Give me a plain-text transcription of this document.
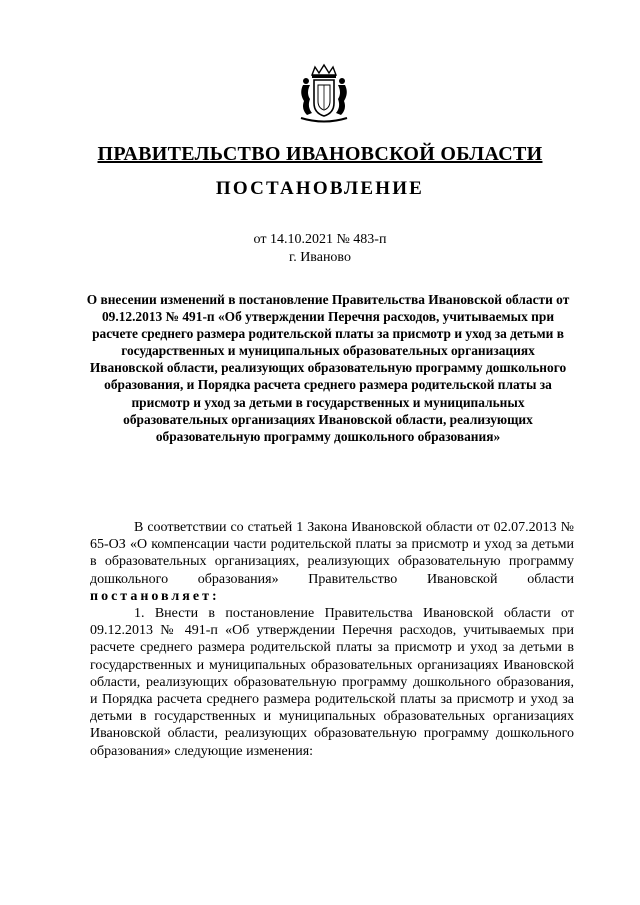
ПРАВИТЕЛЬСТВО ИВАНОВСКОЙ ОБЛАСТИ
ПОСТАНОВЛЕНИЕ
от 14.10.2021 № 483-п
г. Иваново
О внесении изменений в постановление Правительства Ивановской области от 09.12.2013 № 491-п «Об утверждении Перечня расходов, учитываемых при расчете среднего размера родительской платы за присмотр и уход за детьми в государственных и муниципальных образовательных организациях Ивановской области, реализующих образовательную программу дошкольного образования, и Порядка расчета среднего размера родительской платы за присмотр и уход за детьми в государственных и муниципальных образовательных организациях Ивановской области, реализующих образовательную программу дошкольного образования»

В соответствии со статьей 1 Закона Ивановской области от 02.07.2013 № 65-ОЗ «О компенсации части родительской платы за присмотр и уход за детьми в образовательных организациях, реализующих образовательную программу дошкольного образования» Правительство Ивановской области постановляет:

1. Внести в постановление Правительства Ивановской области от 09.12.2013 № 491-п «Об утверждении Перечня расходов, учитываемых при расчете среднего размера родительской платы за присмотр и уход за детьми в государственных и муниципальных образовательных организациях Ивановской области, реализующих образовательную программу дошкольного образования, и Порядка расчета среднего размера родительской платы за присмотр и уход за детьми в государственных и муниципальных образовательных организациях Ивановской области, реализующих образовательную программу дошкольного образования» следующие изменения:
